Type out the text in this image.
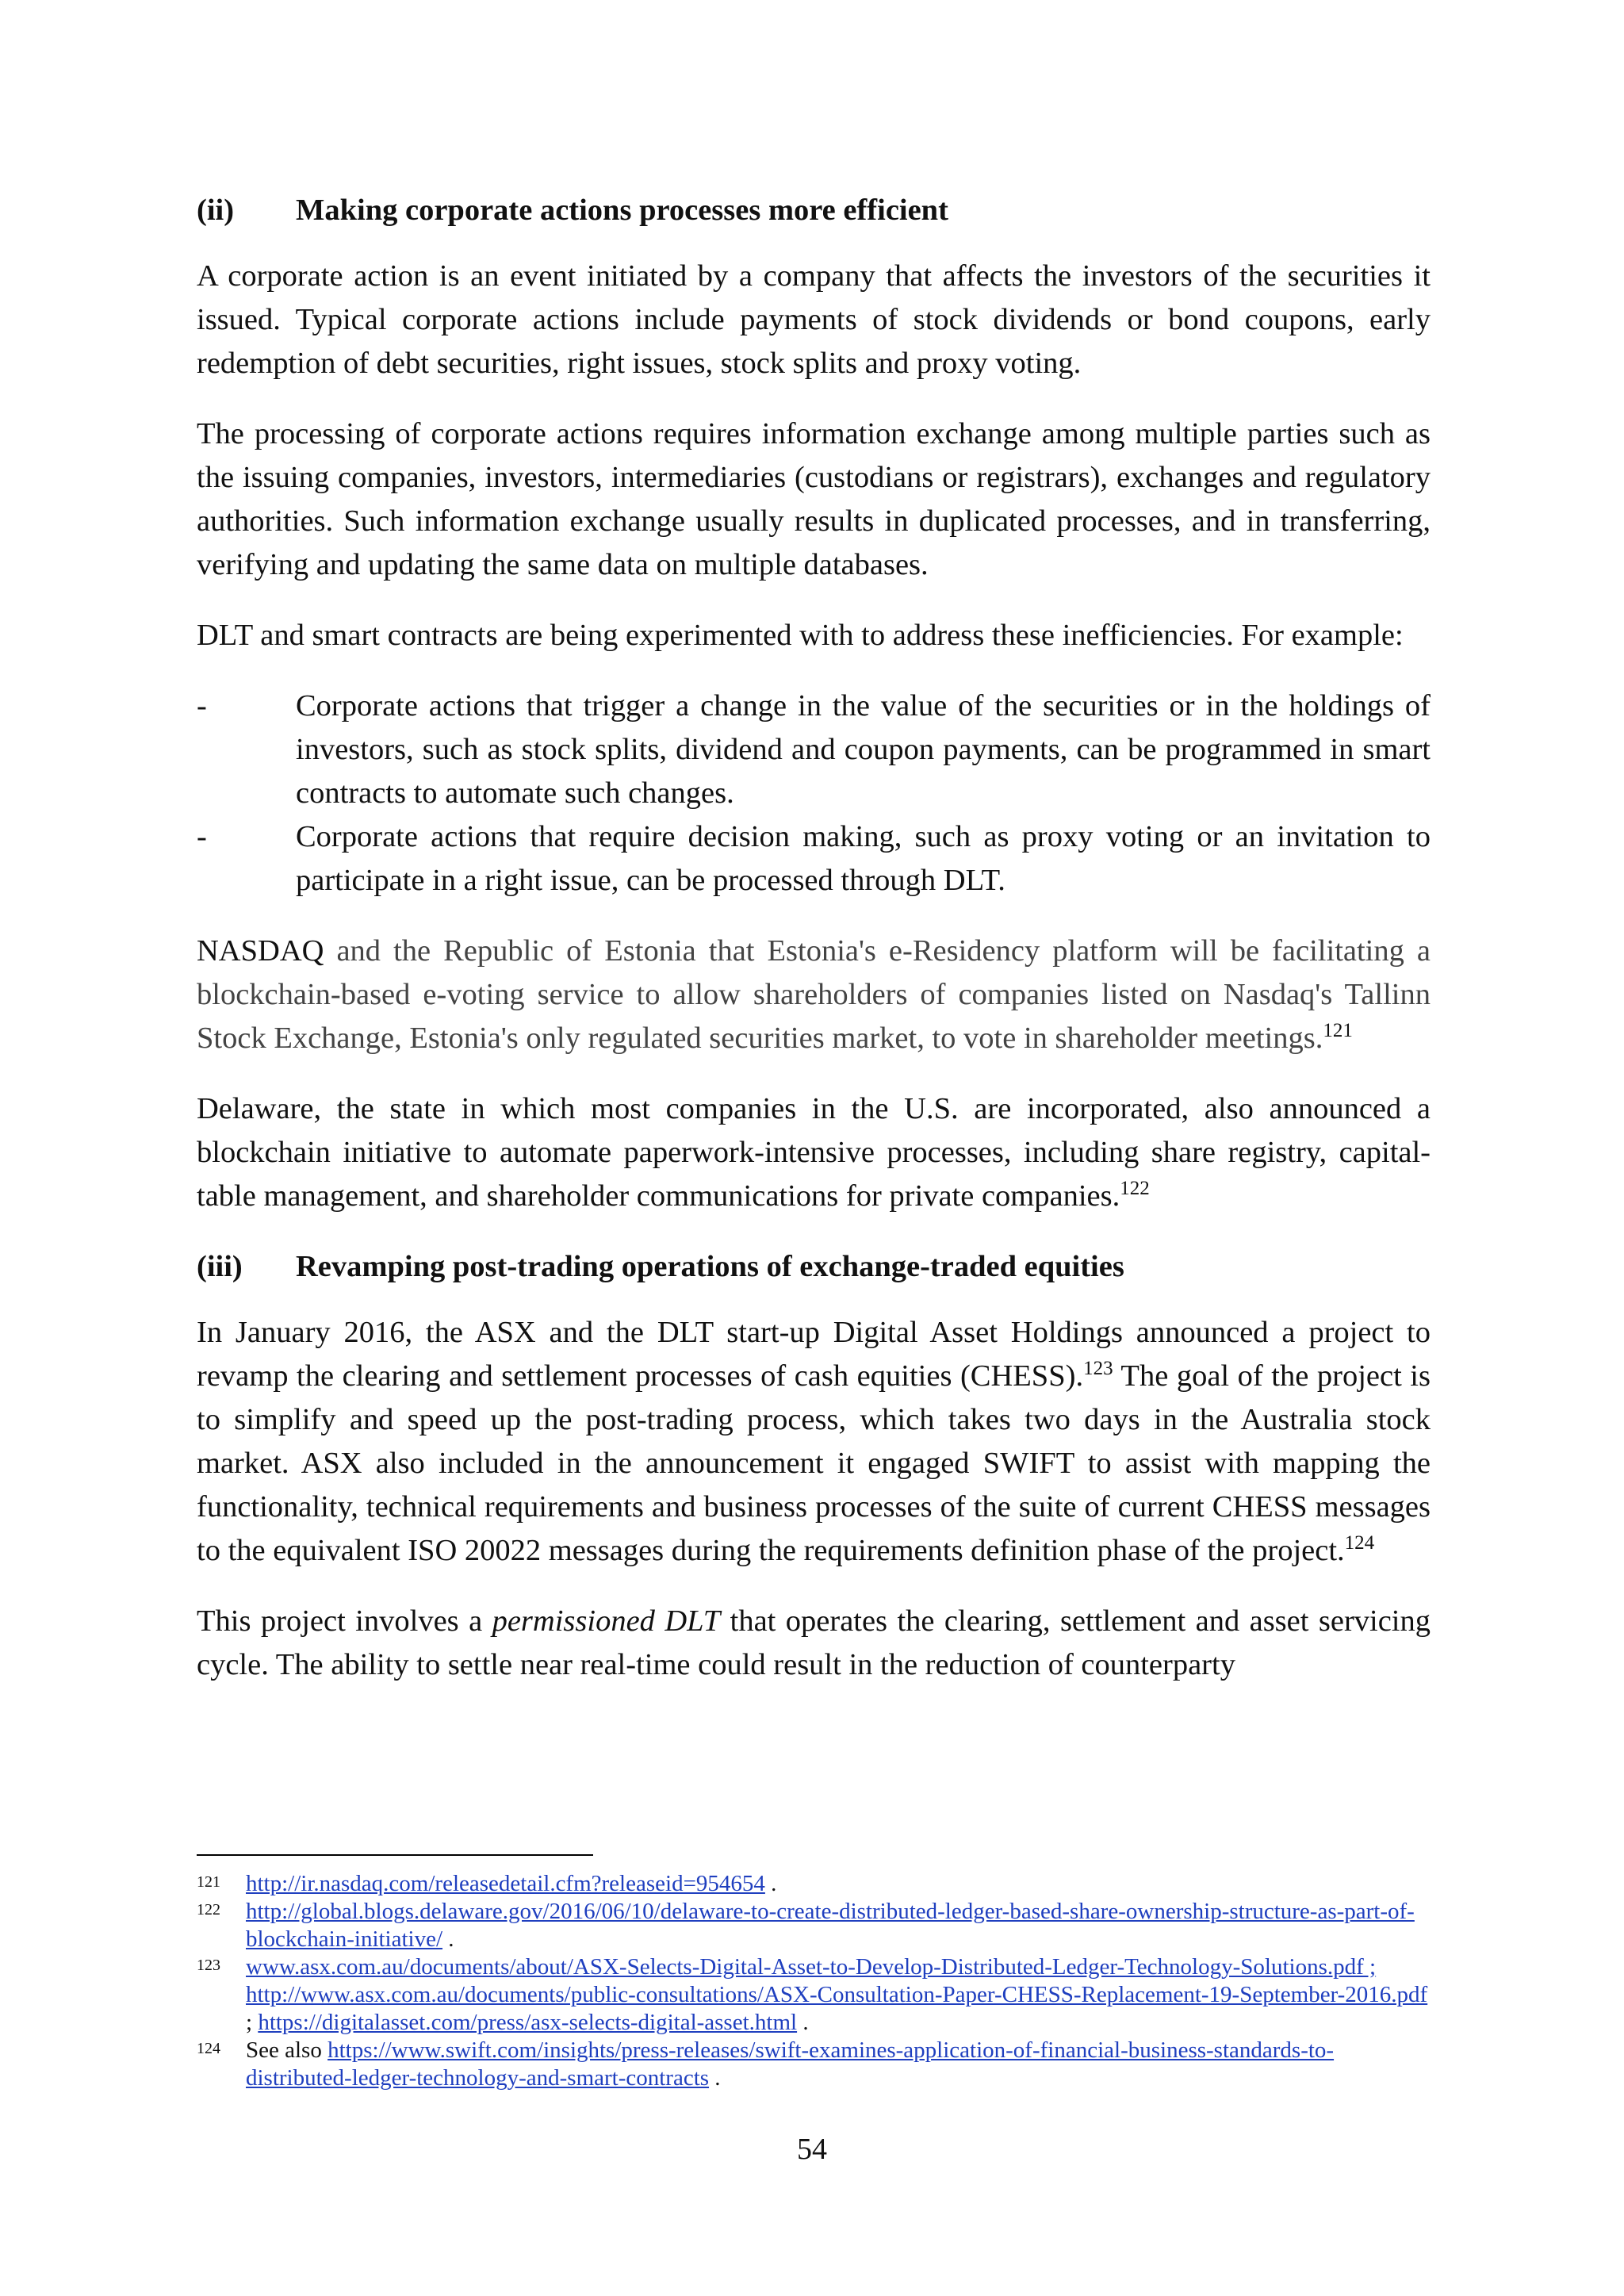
(ii)	Making corporate actions processes more efficient

A corporate action is an event initiated by a company that affects the investors of the securities it issued. Typical corporate actions include payments of stock dividends or bond coupons, early redemption of debt securities, right issues, stock splits and proxy voting.

The processing of corporate actions requires information exchange among multiple parties such as the issuing companies, investors, intermediaries (custodians or registrars), exchanges and regulatory authorities. Such information exchange usually results in duplicated processes, and in transferring, verifying and updating the same data on multiple databases.

DLT and smart contracts are being experimented with to address these inefficiencies. For example:

-	Corporate actions that trigger a change in the value of the securities or in the holdings of investors, such as stock splits, dividend and coupon payments, can be programmed in smart contracts to automate such changes.
-	Corporate actions that require decision making, such as proxy voting or an invitation to participate in a right issue, can be processed through DLT.

NASDAQ and the Republic of Estonia that Estonia's e-Residency platform will be facilitating a blockchain-based e-voting service to allow shareholders of companies listed on Nasdaq's Tallinn Stock Exchange, Estonia's only regulated securities market, to vote in shareholder meetings.$^{121}$

Delaware, the state in which most companies in the U.S. are incorporated, also announced a blockchain initiative to automate paperwork-intensive processes, including share registry, capital-table management, and shareholder communications for private companies.$^{122}$

(iii)	Revamping post-trading operations of exchange-traded equities

In January 2016, the ASX and the DLT start-up Digital Asset Holdings announced a project to revamp the clearing and settlement processes of cash equities (CHESS).$^{123}$ The goal of the project is to simplify and speed up the post-trading process, which takes two days in the Australia stock market. ASX also included in the announcement it engaged SWIFT to assist with mapping the functionality, technical requirements and business processes of the suite of current CHESS messages to the equivalent ISO 20022 messages during the requirements definition phase of the project.$^{124}$

This project involves a permissioned DLT that operates the clearing, settlement and asset servicing cycle. The ability to settle near real-time could result in the reduction of counterparty

121	http://ir.nasdaq.com/releasedetail.cfm?releaseid=954654 .
122	http://global.blogs.delaware.gov/2016/06/10/delaware-to-create-distributed-ledger-based-share-ownership-structure-as-part-of-blockchain-initiative/ .
123	www.asx.com.au/documents/about/ASX-Selects-Digital-Asset-to-Develop-Distributed-Ledger-Technology-Solutions.pdf ; http://www.asx.com.au/documents/public-consultations/ASX-Consultation-Paper-CHESS-Replacement-19-September-2016.pdf ; https://digitalasset.com/press/asx-selects-digital-asset.html .
124	See also https://www.swift.com/insights/press-releases/swift-examines-application-of-financial-business-standards-to-distributed-ledger-technology-and-smart-contracts .
54
